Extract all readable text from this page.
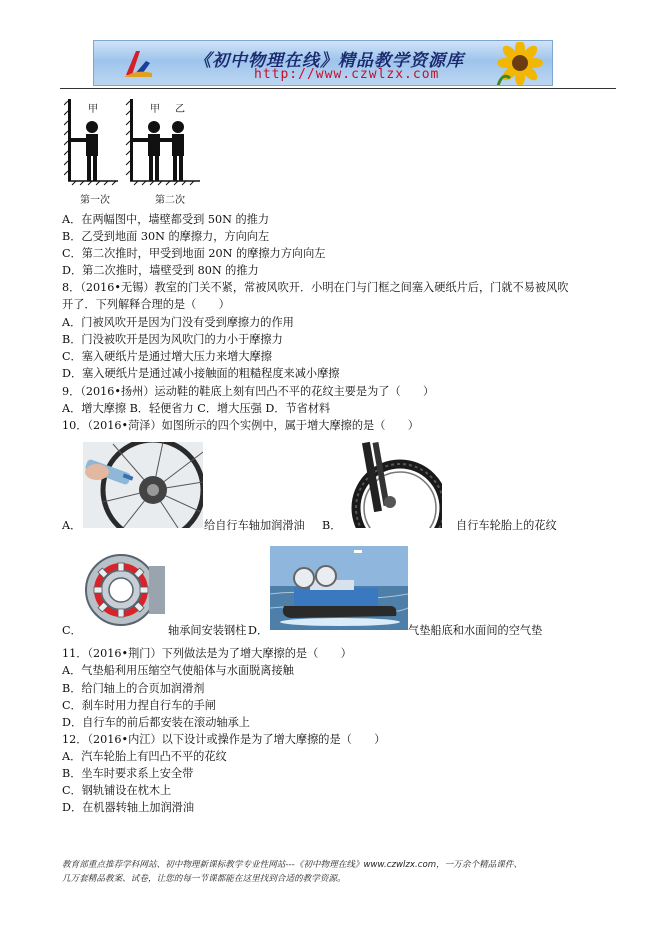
《初中物理在线》精品教学资源库
http://www.czwlzx.com
甲	甲 乙
第一次	第二次
A．在两幅图中，墙壁都受到 50N 的推力
B．乙受到地面 30N 的摩擦力，方向向左
C．第二次推时，甲受到地面 20N 的摩擦力方向向左
D．第二次推时，墙壁受到 80N 的推力
8．（2016•无锡）教室的门关不紧，常被风吹开．小明在门与门框之间塞入硬纸片后，门就不易被风吹
开了．下列解释合理的是（　　）
A．门被风吹开是因为门没有受到摩擦力的作用
B．门没被吹开是因为风吹门的力小于摩擦力
C．塞入硬纸片是通过增大压力来增大摩擦
D．塞入硬纸片是通过减小接触面的粗糙程度来减小摩擦
9．（2016•扬州）运动鞋的鞋底上刻有凹凸不平的花纹主要是为了（　　）
A．增大摩擦 B．轻便省力 C．增大压强 D．节省材料
10．（2016•菏泽）如图所示的四个实例中，属于增大摩擦的是（　　）
A．	给自行车轴加润滑油 B．	自行车轮胎上的花纹
C．	轴承间安装钢柱 D．	气垫船底和水面间的空气垫
11．（2016•荆门）下列做法是为了增大摩擦的是（　　）
A．气垫船利用压缩空气使船体与水面脱离接触
B．给门轴上的合页加润滑剂
C．刹车时用力捏自行车的手闸
D．自行车的前后都安装在滚动轴承上
12．（2016•内江）以下设计或操作是为了增大摩擦的是（　　）
A．汽车轮胎上有凹凸不平的花纹
B．坐车时要求系上安全带
C．钢轨铺设在枕木上
D．在机器转轴上加润滑油
教育部重点推荐学科网站、初中物理新课标教学专业性网站---《初中物理在线》www.czwlzx.com，一万余个精品课件、
几万套精品教案、试卷，让您的每一节课都能在这里找到合适的教学资源。
